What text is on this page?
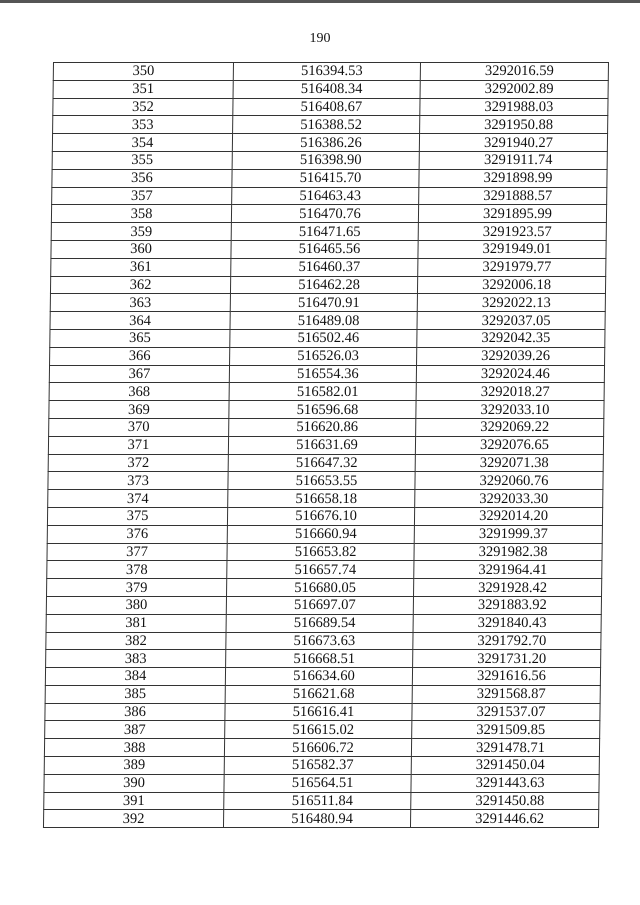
190
350	516394.53	3292016.59
351	516408.34	3292002.89
352	516408.67	3291988.03
353	516388.52	3291950.88
354	516386.26	3291940.27
355	516398.90	3291911.74
356	516415.70	3291898.99
357	516463.43	3291888.57
358	516470.76	3291895.99
359	516471.65	3291923.57
360	516465.56	3291949.01
361	516460.37	3291979.77
362	516462.28	3292006.18
363	516470.91	3292022.13
364	516489.08	3292037.05
365	516502.46	3292042.35
366	516526.03	3292039.26
367	516554.36	3292024.46
368	516582.01	3292018.27
369	516596.68	3292033.10
370	516620.86	3292069.22
371	516631.69	3292076.65
372	516647.32	3292071.38
373	516653.55	3292060.76
374	516658.18	3292033.30
375	516676.10	3292014.20
376	516660.94	3291999.37
377	516653.82	3291982.38
378	516657.74	3291964.41
379	516680.05	3291928.42
380	516697.07	3291883.92
381	516689.54	3291840.43
382	516673.63	3291792.70
383	516668.51	3291731.20
384	516634.60	3291616.56
385	516621.68	3291568.87
386	516616.41	3291537.07
387	516615.02	3291509.85
388	516606.72	3291478.71
389	516582.37	3291450.04
390	516564.51	3291443.63
391	516511.84	3291450.88
392	516480.94	3291446.62
